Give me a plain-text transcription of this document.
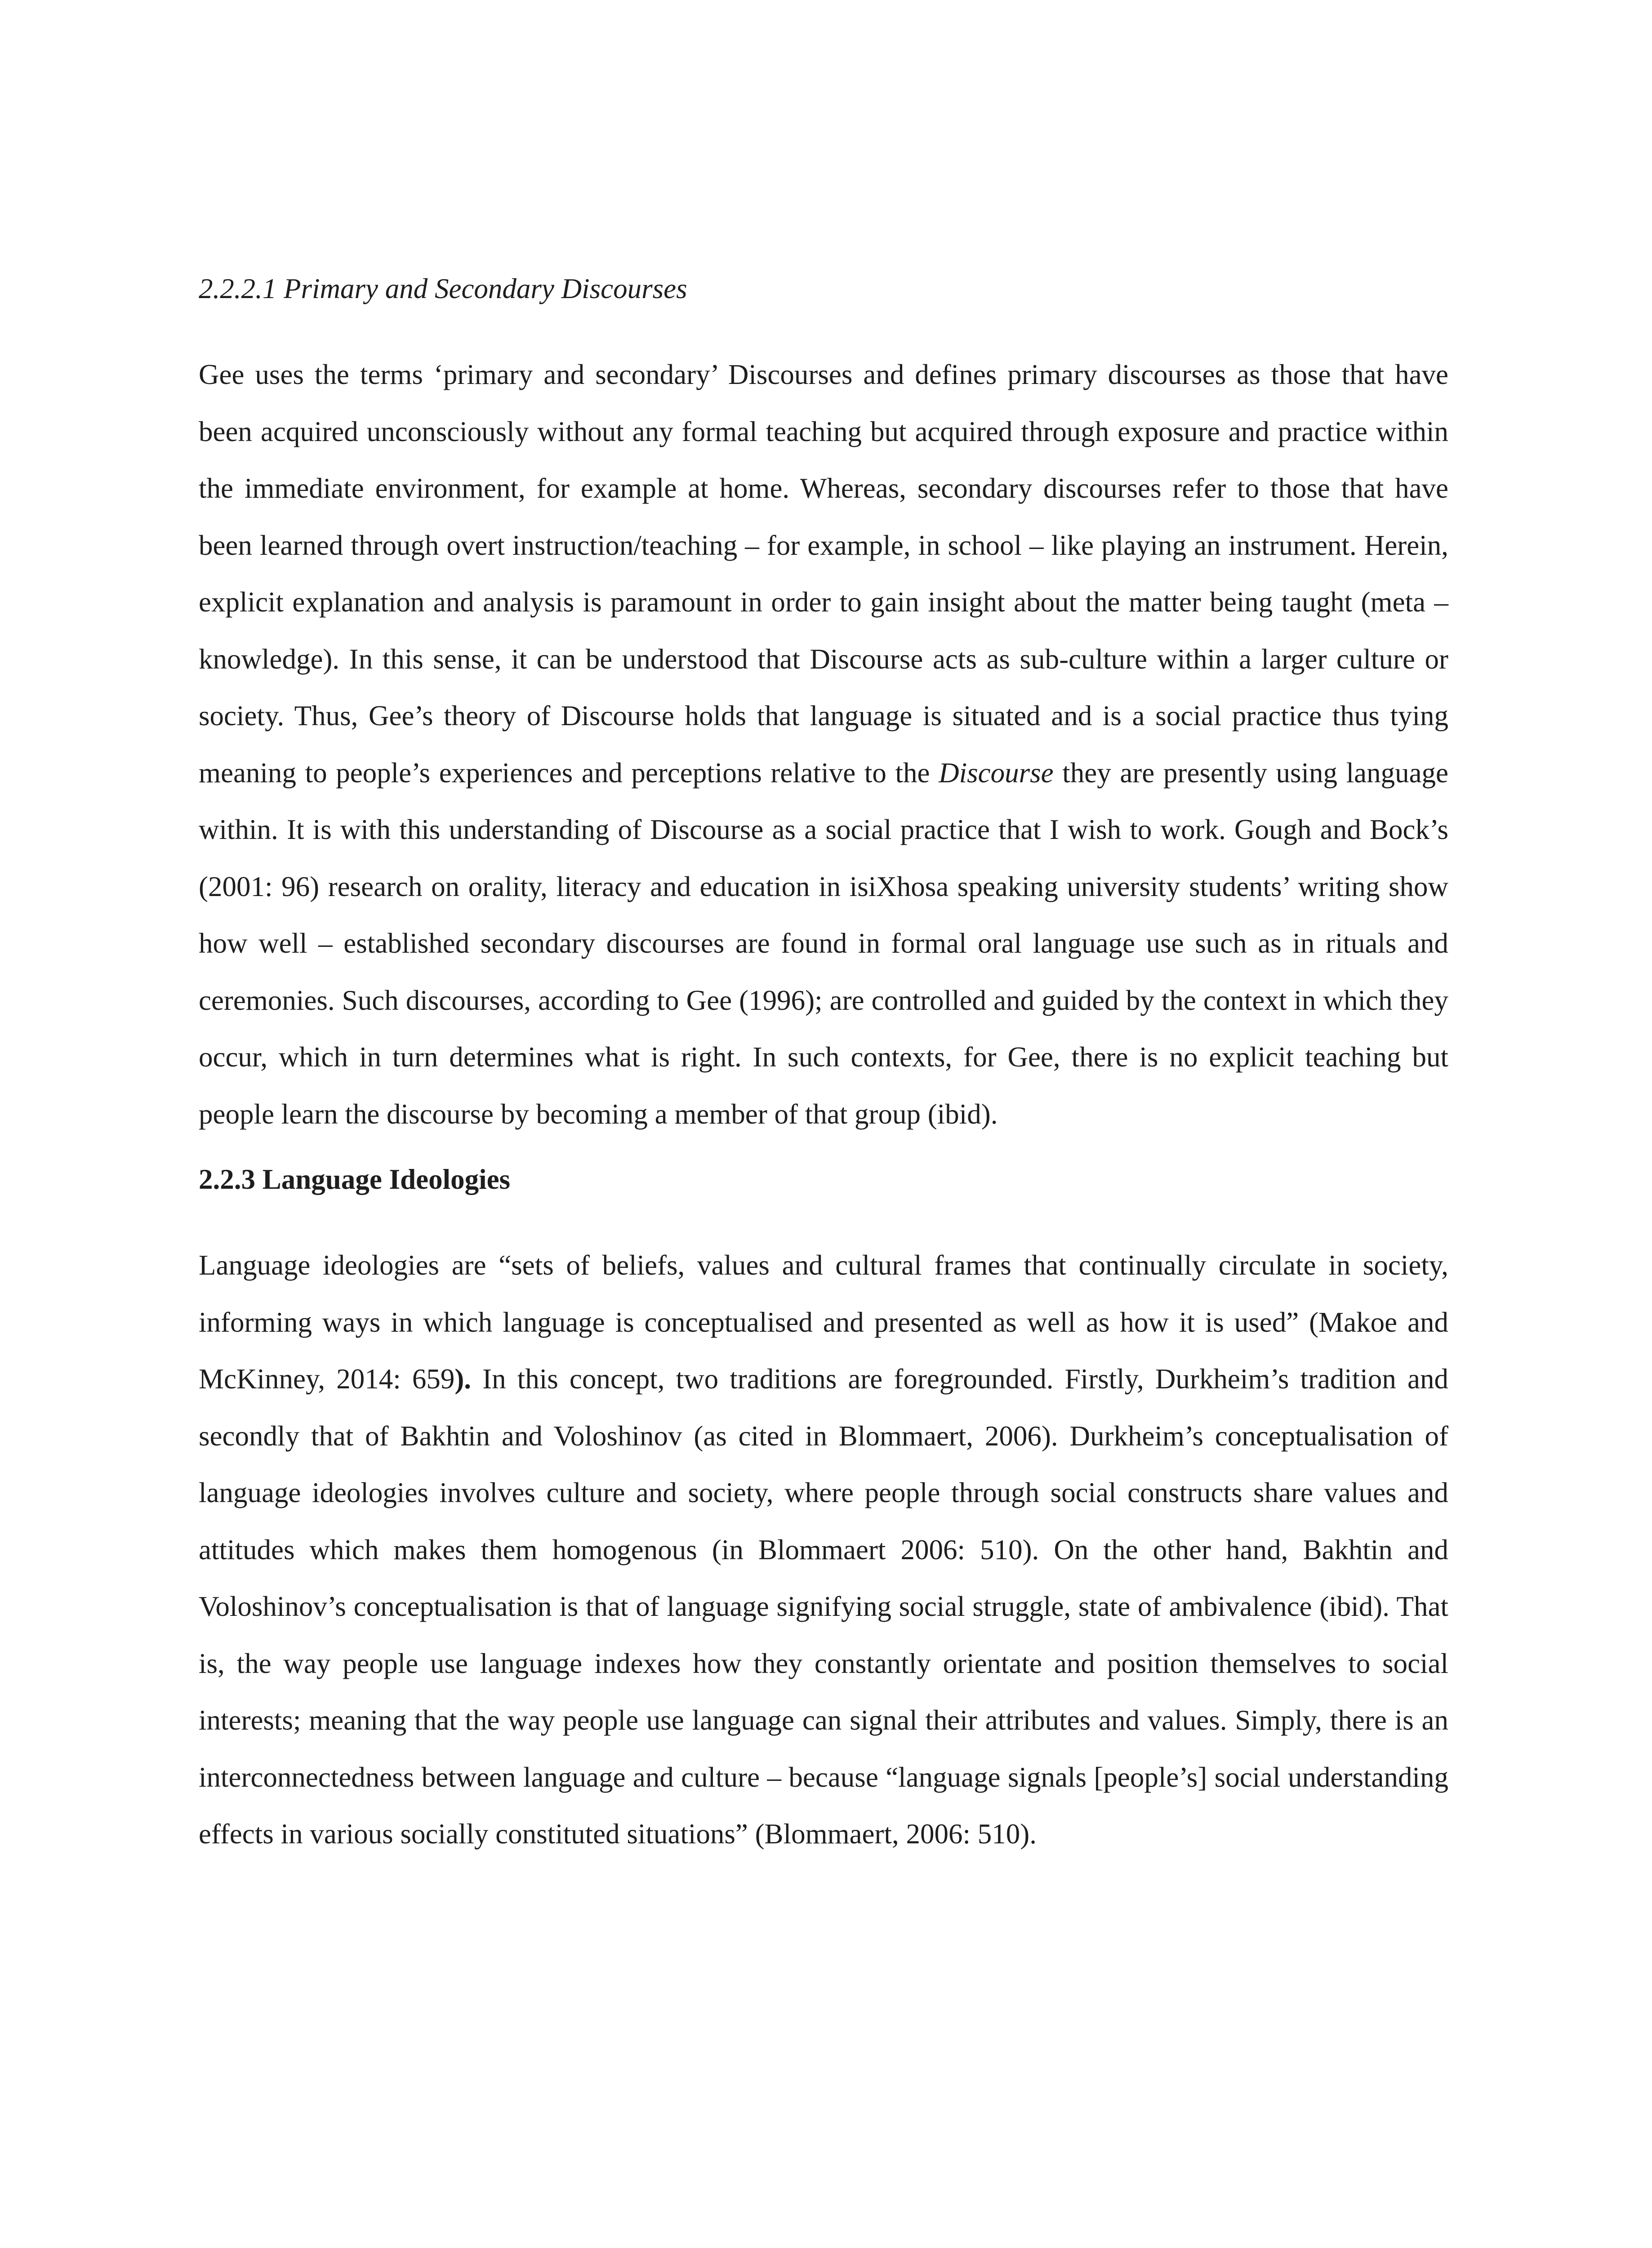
2.2.2.1 Primary and Secondary Discourses

Gee uses the terms ‘primary and secondary’ Discourses and defines primary discourses as those that have been acquired unconsciously without any formal teaching but acquired through exposure and practice within the immediate environment, for example at home. Whereas, secondary discourses refer to those that have been learned through overt instruction/teaching – for example, in school – like playing an instrument. Herein, explicit explanation and analysis is paramount in order to gain insight about the matter being taught (meta – knowledge). In this sense, it can be understood that Discourse acts as sub-culture within a larger culture or society. Thus, Gee’s theory of Discourse holds that language is situated and is a social practice thus tying meaning to people’s experiences and perceptions relative to the Discourse they are presently using language within. It is with this understanding of Discourse as a social practice that I wish to work. Gough and Bock’s (2001: 96) research on orality, literacy and education in isiXhosa speaking university students’ writing show how well – established secondary discourses are found in formal oral language use such as in rituals and ceremonies. Such discourses, according to Gee (1996); are controlled and guided by the context in which they occur, which in turn determines what is right. In such contexts, for Gee, there is no explicit teaching but people learn the discourse by becoming a member of that group (ibid).

2.2.3 Language Ideologies

Language ideologies are “sets of beliefs, values and cultural frames that continually circulate in society, informing ways in which language is conceptualised and presented as well as how it is used” (Makoe and McKinney, 2014: 659). In this concept, two traditions are foregrounded. Firstly, Durkheim’s tradition and secondly that of Bakhtin and Voloshinov (as cited in Blommaert, 2006). Durkheim’s conceptualisation of language ideologies involves culture and society, where people through social constructs share values and attitudes which makes them homogenous (in Blommaert 2006: 510). On the other hand, Bakhtin and Voloshinov’s conceptualisation is that of language signifying social struggle, state of ambivalence (ibid). That is, the way people use language indexes how they constantly orientate and position themselves to social interests; meaning that the way people use language can signal their attributes and values. Simply, there is an interconnectedness between language and culture – because “language signals [people’s] social understanding effects in various socially constituted situations” (Blommaert, 2006: 510).
